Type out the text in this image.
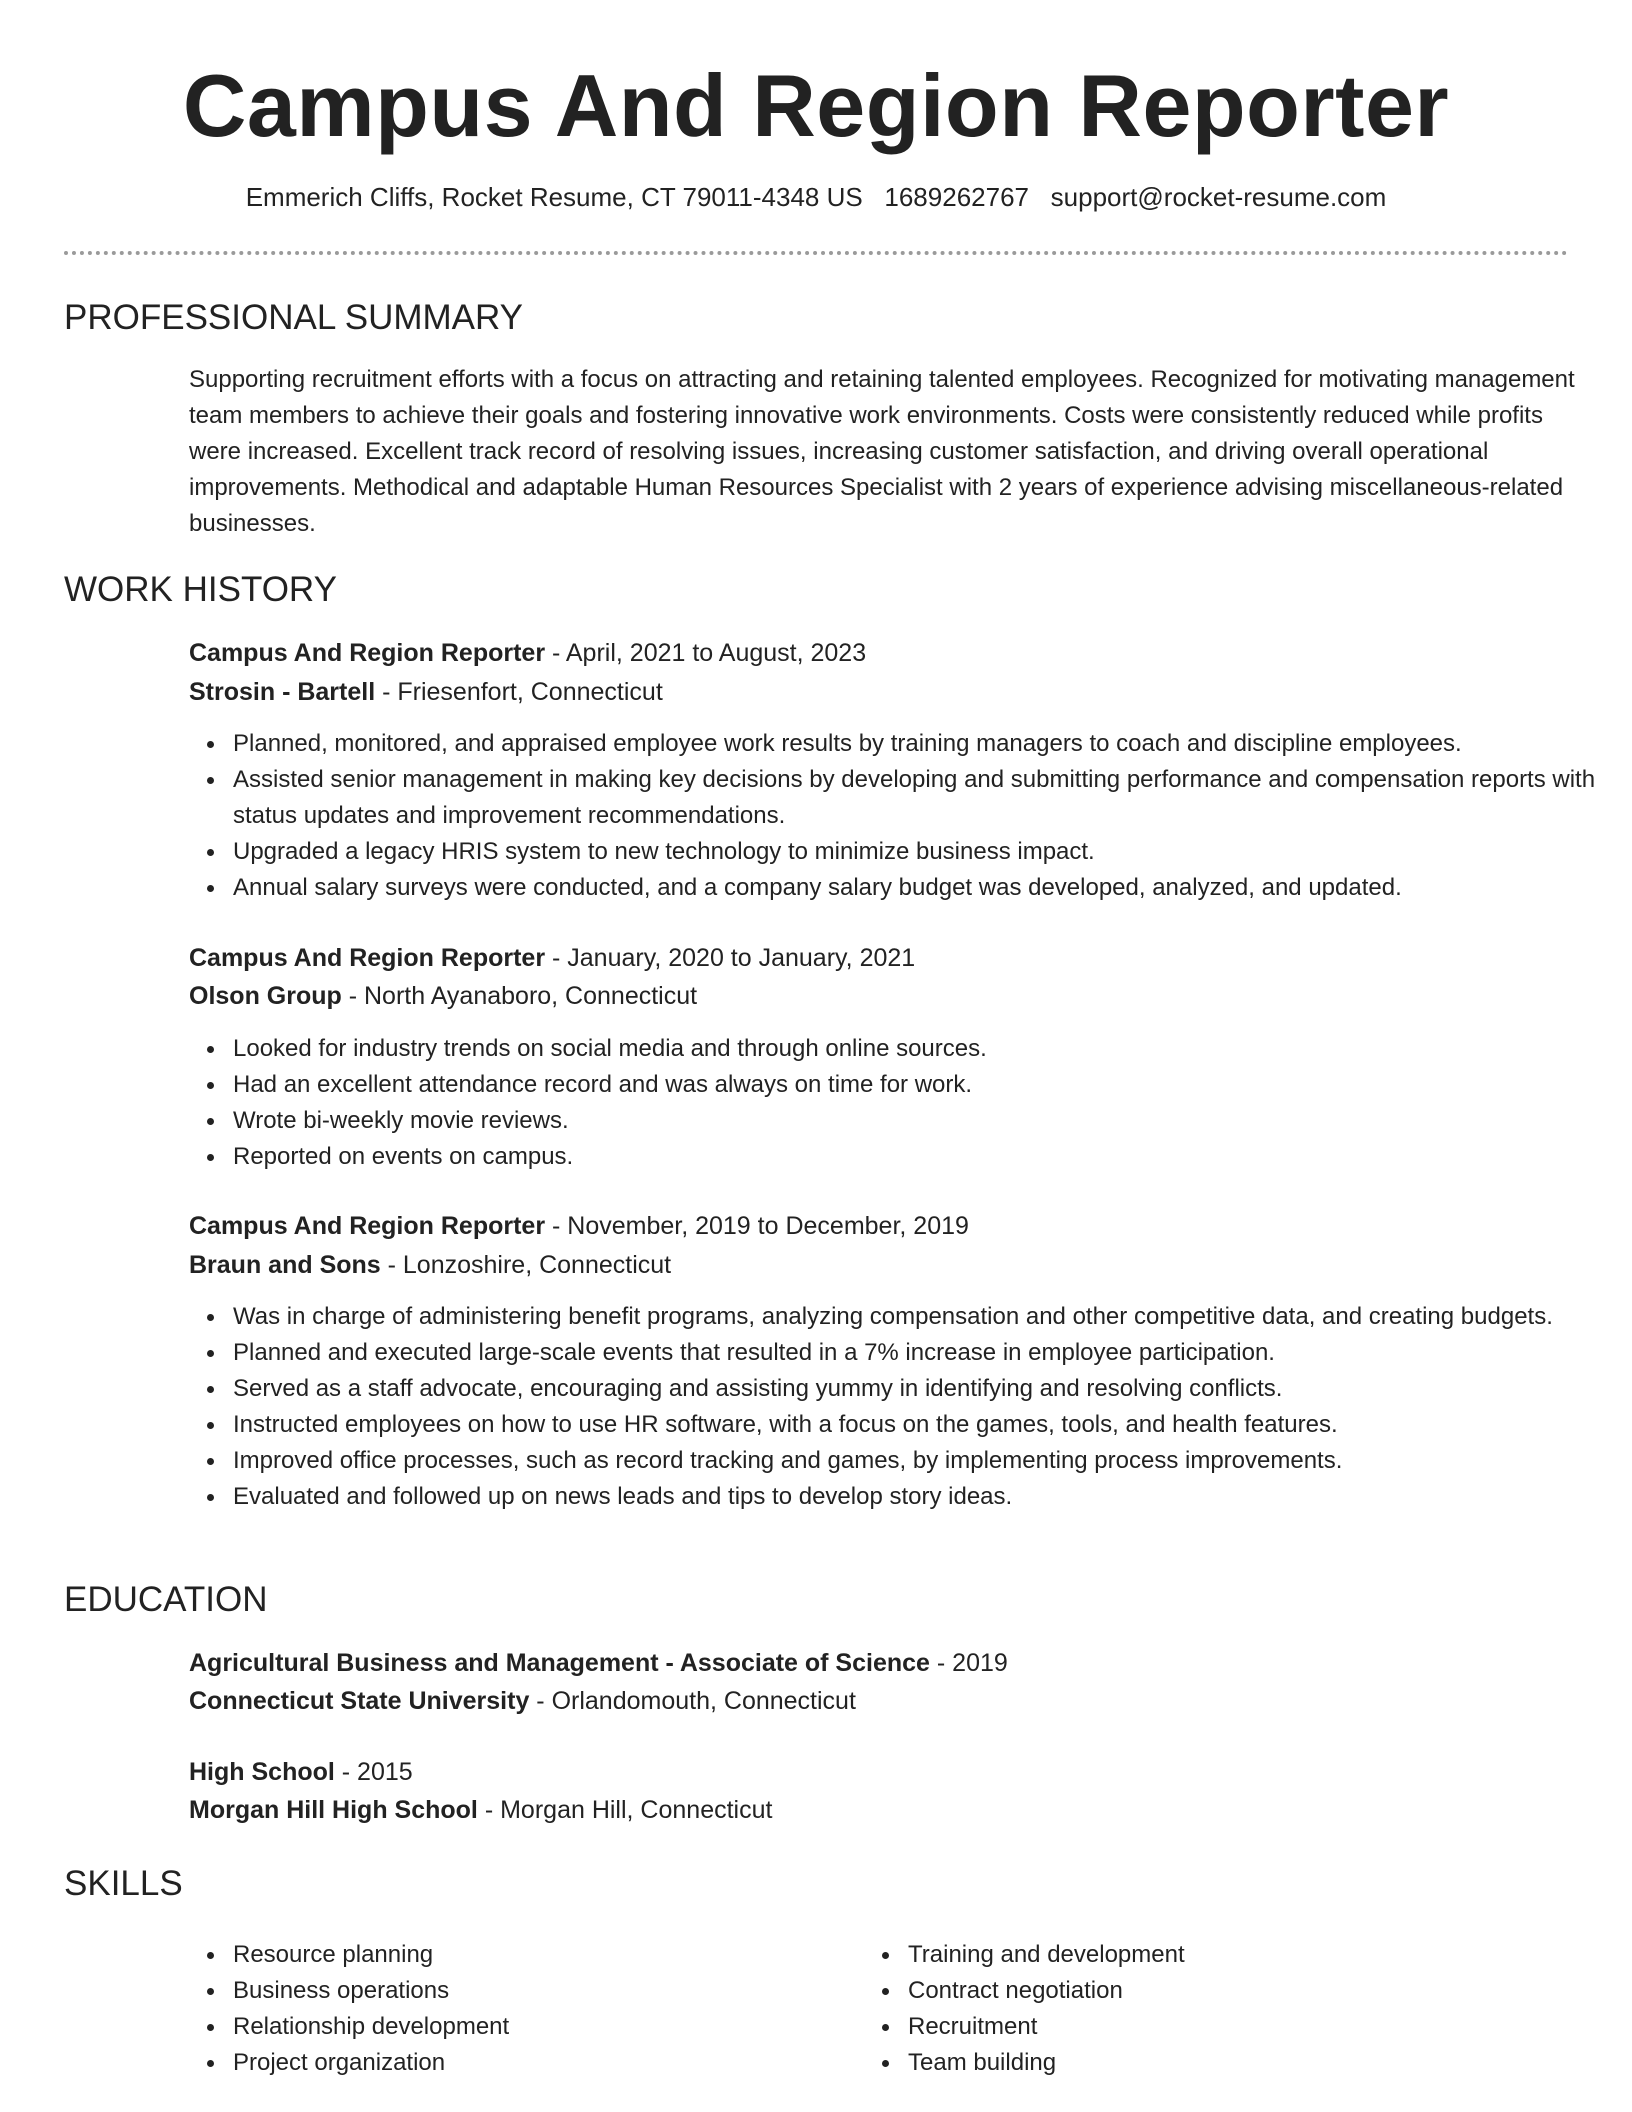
Campus And Region Reporter
Emmerich Cliffs, Rocket Resume, CT 79011-4348 US 1689262767 support@rocket-resume.com
PROFESSIONAL SUMMARY

Supporting recruitment efforts with a focus on attracting and retaining talented employees. Recognized for motivating management team members to achieve their goals and fostering innovative work environments. Costs were consistently reduced while profits were increased. Excellent track record of resolving issues, increasing customer satisfaction, and driving overall operational improvements. Methodical and adaptable Human Resources Specialist with 2 years of experience advising miscellaneous-related businesses.

WORK HISTORY
Campus And Region Reporter - April, 2021 to August, 2023
Strosin - Bartell - Friesenfort, Connecticut
Planned, monitored, and appraised employee work results by training managers to coach and discipline employees.
Assisted senior management in making key decisions by developing and submitting performance and compensation reports with status updates and improvement recommendations.
Upgraded a legacy HRIS system to new technology to minimize business impact.
Annual salary surveys were conducted, and a company salary budget was developed, analyzed, and updated.
Campus And Region Reporter - January, 2020 to January, 2021
Olson Group - North Ayanaboro, Connecticut
Looked for industry trends on social media and through online sources.
Had an excellent attendance record and was always on time for work.
Wrote bi-weekly movie reviews.
Reported on events on campus.
Campus And Region Reporter - November, 2019 to December, 2019
Braun and Sons - Lonzoshire, Connecticut
Was in charge of administering benefit programs, analyzing compensation and other competitive data, and creating budgets.
Planned and executed large-scale events that resulted in a 7% increase in employee participation.
Served as a staff advocate, encouraging and assisting yummy in identifying and resolving conflicts.
Instructed employees on how to use HR software, with a focus on the games, tools, and health features.
Improved office processes, such as record tracking and games, by implementing process improvements.
Evaluated and followed up on news leads and tips to develop story ideas.
EDUCATION
Agricultural Business and Management - Associate of Science - 2019
Connecticut State University - Orlandomouth, Connecticut
High School - 2015
Morgan Hill High School - Morgan Hill, Connecticut
SKILLS
Resource planning
Business operations
Relationship development
Project organization
Training and development
Contract negotiation
Recruitment
Team building
